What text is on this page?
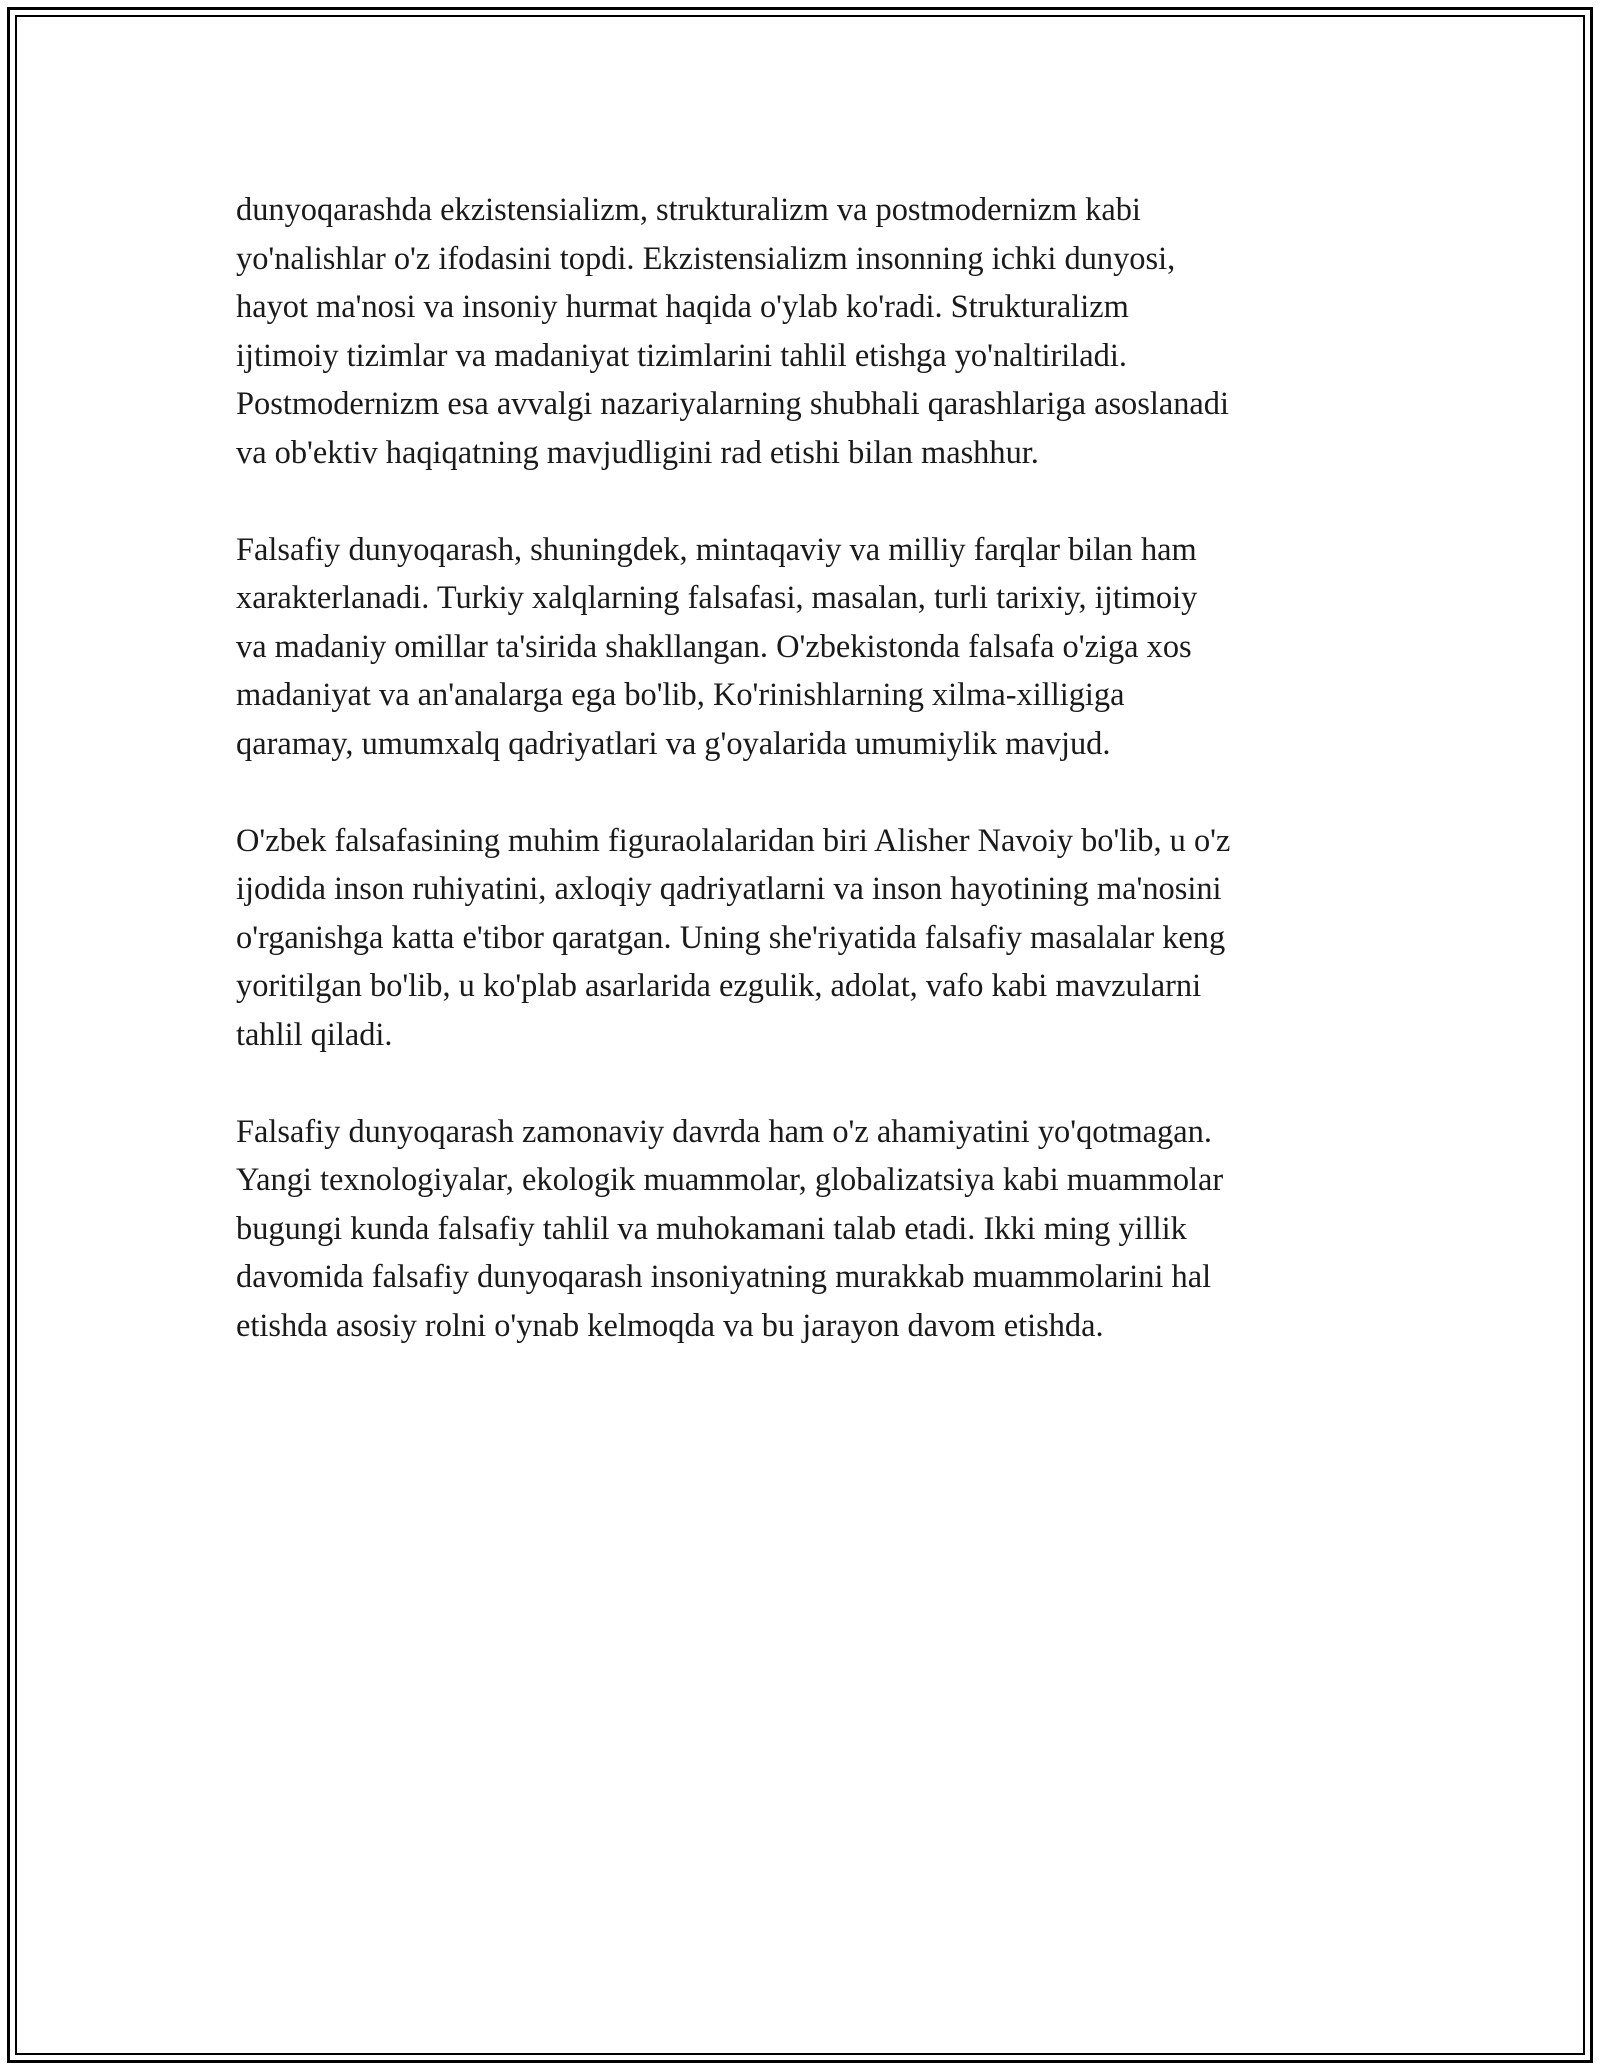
dunyoqarashda ekzistensializm, strukturalizm va postmodernizm kabi
yo'nalishlar o'z ifodasini topdi. Ekzistensializm insonning ichki dunyosi,
hayot ma'nosi va insoniy hurmat haqida o'ylab ko'radi. Strukturalizm
ijtimoiy tizimlar va madaniyat tizimlarini tahlil etishga yo'naltiriladi.
Postmodernizm esa avvalgi nazariyalarning shubhali qarashlariga asoslanadi
va ob'ektiv haqiqatning mavjudligini rad etishi bilan mashhur.

Falsafiy dunyoqarash, shuningdek, mintaqaviy va milliy farqlar bilan ham
xarakterlanadi. Turkiy xalqlarning falsafasi, masalan, turli tarixiy, ijtimoiy
va madaniy omillar ta'sirida shakllangan. O'zbekistonda falsafa o'ziga xos
madaniyat va an'analarga ega bo'lib, Ko'rinishlarning xilma-xilligiga
qaramay, umumxalq qadriyatlari va g'oyalarida umumiylik mavjud.

O'zbek falsafasining muhim figuraolalaridan biri Alisher Navoiy bo'lib, u o'z
ijodida inson ruhiyatini, axloqiy qadriyatlarni va inson hayotining ma'nosini
o'rganishga katta e'tibor qaratgan. Uning she'riyatida falsafiy masalalar keng
yoritilgan bo'lib, u ko'plab asarlarida ezgulik, adolat, vafo kabi mavzularni
tahlil qiladi.

Falsafiy dunyoqarash zamonaviy davrda ham o'z ahamiyatini yo'qotmagan.
Yangi texnologiyalar, ekologik muammolar, globalizatsiya kabi muammolar
bugungi kunda falsafiy tahlil va muhokamani talab etadi. Ikki ming yillik
davomida falsafiy dunyoqarash insoniyatning murakkab muammolarini hal
etishda asosiy rolni o'ynab kelmoqda va bu jarayon davom etishda.
